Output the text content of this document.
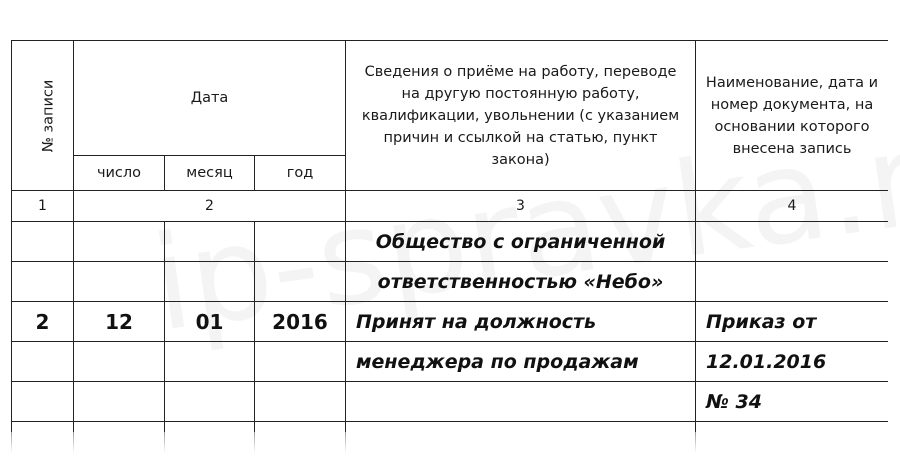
№ записи	Дата			Сведения о приёме на работу, переводе на другую постоянную работу, квалификации, увольнении (с указанием причин и ссылкой на статью, пункт закона)	Наименование, дата и номер документа, на основании которого внесена запись
	число	месяц	год		
1	2			3	4
				Общество с ограниченной	
				ответственностью «Небо»	
2	12	01	2016	Принят на должность	Приказ от
				менеджера по продажам	12.01.2016
					№ 34
